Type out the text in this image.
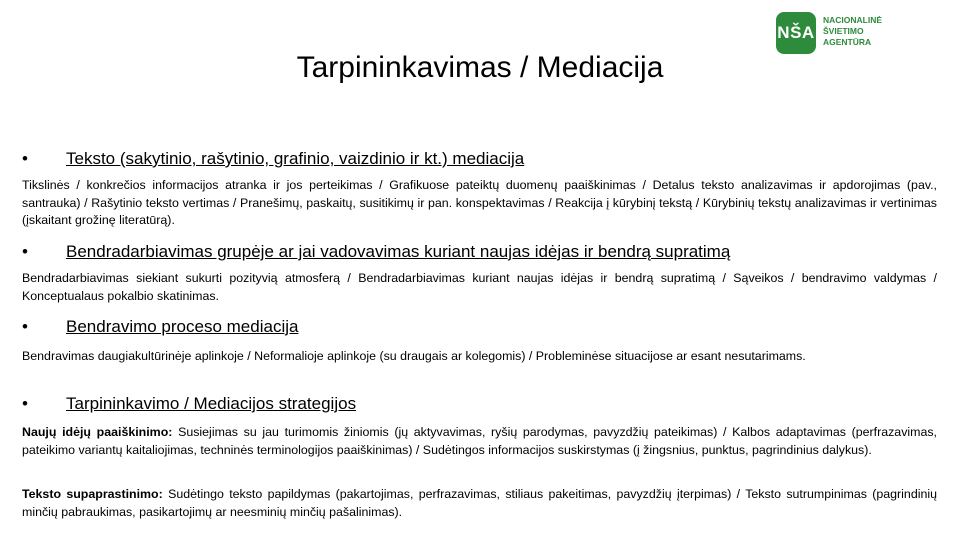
Tarpininkavimas / Mediacija
NŠA
NACIONALINĖ
ŠVIETIMO
AGENTŪRA
•	Teksto (sakytinio, rašytinio, grafinio, vaizdinio ir kt.) mediacija
Tikslinės / konkrečios informacijos atranka ir jos perteikimas / Grafikuose pateiktų duomenų paaiškinimas / Detalus teksto analizavimas ir apdorojimas (pav., santrauka) / Rašytinio teksto vertimas / Pranešimų, paskaitų, susitikimų ir pan. konspektavimas / Reakcija į kūrybinį tekstą / Kūrybinių tekstų analizavimas ir vertinimas (įskaitant grožinę literatūrą).
•	Bendradarbiavimas grupėje ar jai vadovavimas kuriant naujas idėjas ir bendrą supratimą
Bendradarbiavimas siekiant sukurti pozityvią atmosferą / Bendradarbiavimas kuriant naujas idėjas ir bendrą supratimą / Sąveikos / bendravimo valdymas / Konceptualaus pokalbio skatinimas.
•	Bendravimo proceso mediacija
Bendravimas daugiakultūrinėje aplinkoje / Neformalioje aplinkoje (su draugais ar kolegomis) / Probleminėse situacijose ar esant nesutarimams.
•	Tarpininkavimo / Mediacijos strategijos
Naujų idėjų paaiškinimo: Susiejimas su jau turimomis žiniomis (jų aktyvavimas, ryšių parodymas, pavyzdžių pateikimas) / Kalbos adaptavimas (perfrazavimas, pateikimo variantų kaitaliojimas, techninės terminologijos paaiškinimas) / Sudėtingos informacijos suskirstymas (į žingsnius, punktus, pagrindinius dalykus).
Teksto supaprastinimo: Sudėtingo teksto papildymas (pakartojimas, perfrazavimas, stiliaus pakeitimas, pavyzdžių įterpimas) / Teksto sutrumpinimas (pagrindinių minčių pabraukimas, pasikartojimų ar neesminių minčių pašalinimas).
